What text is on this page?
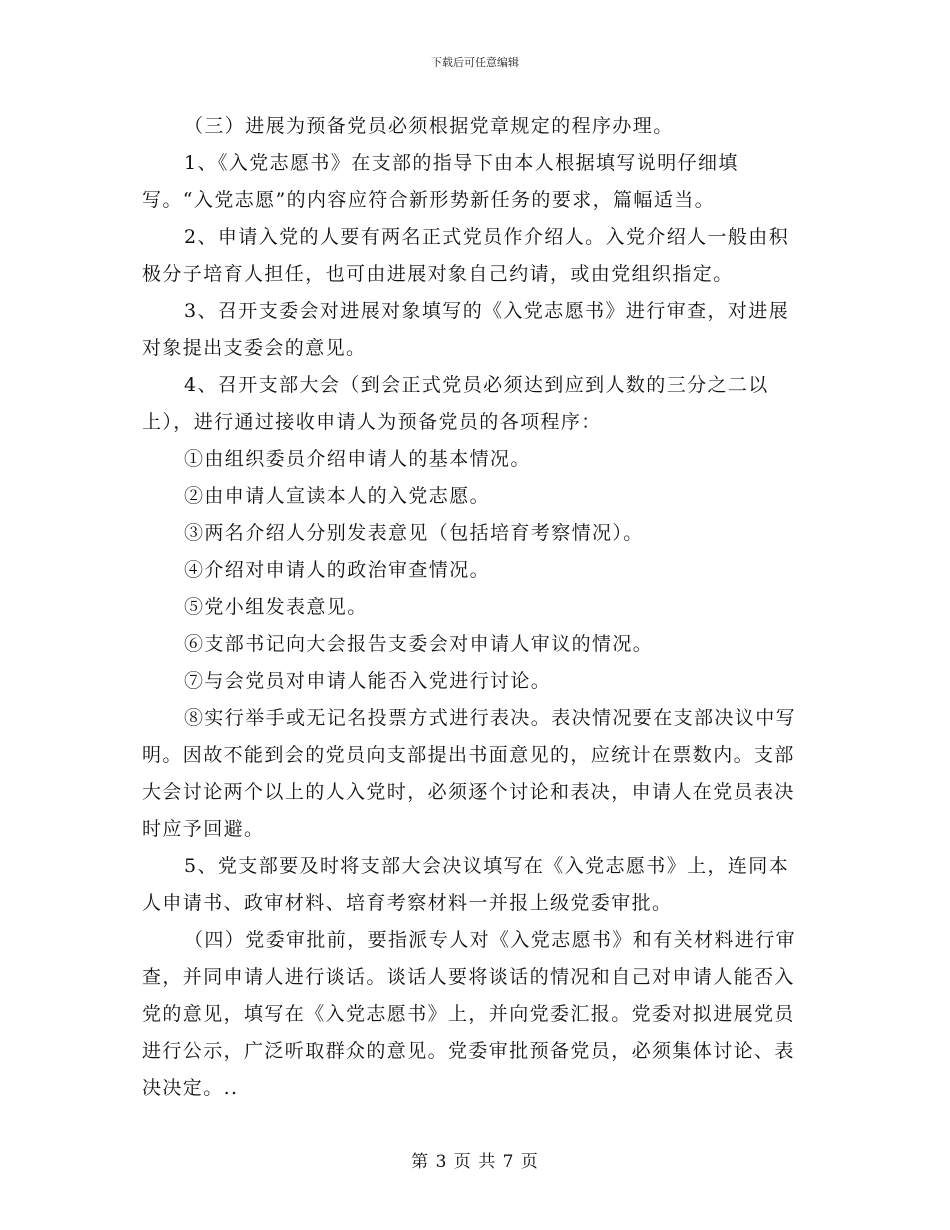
下载后可任意编辑

（三）进展为预备党员必须根据党章规定的程序办理。

1、《入党志愿书》在支部的指导下由本人根据填写说明仔细填写。“入党志愿”的内容应符合新形势新任务的要求，篇幅适当。

2、申请入党的人要有两名正式党员作介绍人。入党介绍人一般由积极分子培育人担任，也可由进展对象自己约请，或由党组织指定。

3、召开支委会对进展对象填写的《入党志愿书》进行审查，对进展对象提出支委会的意见。

4、召开支部大会（到会正式党员必须达到应到人数的三分之二以上），进行通过接收申请人为预备党员的各项程序：

①由组织委员介绍申请人的基本情况。

②由申请人宣读本人的入党志愿。

③两名介绍人分别发表意见（包括培育考察情况）。

④介绍对申请人的政治审查情况。

⑤党小组发表意见。

⑥支部书记向大会报告支委会对申请人审议的情况。

⑦与会党员对申请人能否入党进行讨论。

⑧实行举手或无记名投票方式进行表决。表决情况要在支部决议中写明。因故不能到会的党员向支部提出书面意见的，应统计在票数内。支部大会讨论两个以上的人入党时，必须逐个讨论和表决，申请人在党员表决时应予回避。

5、党支部要及时将支部大会决议填写在《入党志愿书》上，连同本人申请书、政审材料、培育考察材料一并报上级党委审批。

（四）党委审批前，要指派专人对《入党志愿书》和有关材料进行审查，并同申请人进行谈话。谈话人要将谈话的情况和自己对申请人能否入党的意见，填写在《入党志愿书》上，并向党委汇报。党委对拟进展党员进行公示，广泛听取群众的意见。党委审批预备党员，必须集体讨论、表决决定。..

第 3 页 共 7 页
